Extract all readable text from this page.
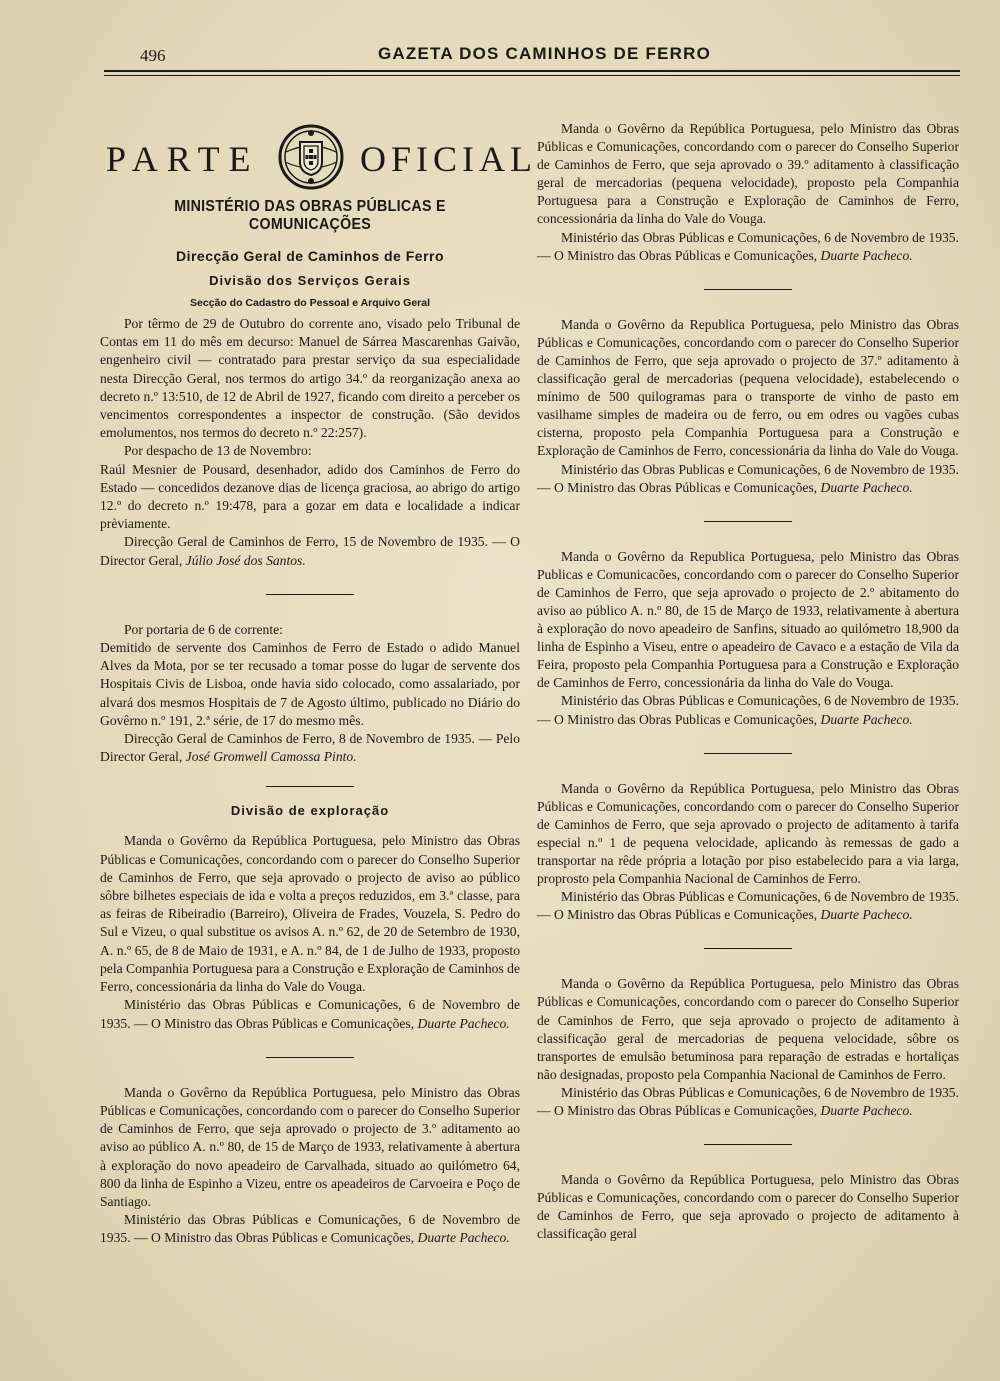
496	GAZETA DOS CAMINHOS DE FERRO
PARTE	OFICIAL
MINISTÉRIO DAS OBRAS PÚBLICAS E COMUNICAÇÕES
Direcção Geral de Caminhos de Ferro
Divisão dos Serviços Gerais
Secção do Cadastro do Pessoal e Arquivo Geral

Por têrmo de 29 de Outubro do corrente ano, visado pelo Tribunal de Contas em 11 do mês em decurso: Manuel de Sárrea Mascarenhas Gaivão, engenheiro civil — contratado para prestar serviço da sua especialidade nesta Direcção Geral, nos termos do artigo 34.º da reorganização anexa ao decreto n.º 13:510, de 12 de Abril de 1927, ficando com direito a perceber os vencimentos correspondentes a inspector de construção. (São devidos emolumentos, nos termos do decreto n.º 22:257).

Por despacho de 13 de Novembro:

Raúl Mesnier de Pousard, desenhador, adido dos Caminhos de Ferro do Estado — concedidos dezanove dias de licença graciosa, ao abrigo do artigo 12.º do decreto n.º 19:478, para a gozar em data e localidade a indicar prèviamente.

Direcção Geral de Caminhos de Ferro, 15 de Novembro de 1935. — O Director Geral, Júlio José dos Santos.

Por portaria de 6 de corrente:

Demitido de servente dos Caminhos de Ferro de Estado o adido Manuel Alves da Mota, por se ter recusado a tomar posse do lugar de servente dos Hospitais Civis de Lisboa, onde havia sido colocado, como assalariado, por alvará dos mesmos Hospitais de 7 de Agosto último, publicado no Diário do Govêrno n.º 191, 2.ª série, de 17 do mesmo mês.

Direcção Geral de Caminhos de Ferro, 8 de Novembro de 1935. — Pelo Director Geral, José Gromwell Camossa Pinto.

Divisão de exploração

Manda o Govêrno da República Portuguesa, pelo Ministro das Obras Públicas e Comunicações, concordando com o parecer do Conselho Superior de Caminhos de Ferro, que seja aprovado o projecto de aviso ao público sôbre bilhetes especiais de ida e volta a preços reduzidos, em 3.ª classe, para as feiras de Ribeiradio (Barreiro), Oliveira de Frades, Vouzela, S. Pedro do Sul e Vizeu, o qual substitue os avisos A. n.º 62, de 20 de Setembro de 1930, A. n.º 65, de 8 de Maio de 1931, e A. n.º 84, de 1 de Julho de 1933, proposto pela Companhia Portuguesa para a Construção e Exploração de Caminhos de Ferro, concessionária da linha do Vale do Vouga.

Ministério das Obras Públicas e Comunicações, 6 de Novembro de 1935. — O Ministro das Obras Públicas e Comunicações, Duarte Pacheco.

Manda o Govêrno da República Portuguesa, pelo Ministro das Obras Públicas e Comunicações, concordando com o parecer do Conselho Superior de Caminhos de Ferro, que seja aprovado o projecto de 3.º aditamento ao aviso ao público A. n.º 80, de 15 de Março de 1933, relativamente à abertura à exploração do novo apeadeiro de Carvalhada, situado ao quilómetro 64, 800 da linha de Espinho a Vizeu, entre os apeadeiros de Carvoeira e Poço de Santiago.

Ministério das Obras Públicas e Comunicações, 6 de Novembro de 1935. — O Ministro das Obras Públicas e Comunicações, Duarte Pacheco.

Manda o Govêrno da República Portuguesa, pelo Ministro das Obras Públicas e Comunicações, concordando com o parecer do Conselho Superior de Caminhos de Ferro, que seja aprovado o 39.º aditamento à classificação geral de mercadorias (pequena velocidade), proposto pela Companhia Portuguesa para a Construção e Exploração de Caminhos de Ferro, concessionária da linha do Vale do Vouga.

Ministério das Obras Públicas e Comunicações, 6 de Novembro de 1935. — O Ministro das Obras Públicas e Comunicações, Duarte Pacheco.

Manda o Govêrno da Republica Portuguesa, pelo Ministro das Obras Públicas e Comunicações, concordando com o parecer do Conselho Superior de Caminhos de Ferro, que seja aprovado o projecto de 37.º aditamento à classificação geral de mercadorias (pequena velocidade), estabelecendo o mínimo de 500 quilogramas para o transporte de vinho de pasto em vasilhame simples de madeira ou de ferro, ou em odres ou vagões cubas cisterna, proposto pela Companhia Portuguesa para a Construção e Exploração de Caminhos de Ferro, concessionária da linha do Vale do Vouga.

Ministério das Obras Publicas e Comunicações, 6 de Novembro de 1935. — O Ministro das Obras Públicas e Comunicações, Duarte Pacheco.

Manda o Govêrno da Republica Portuguesa, pelo Ministro das Obras Publicas e Comunicacões, concordando com o parecer do Conselho Superior de Caminhos de Ferro, que seja aprovado o projecto de 2.º abitamento do aviso ao público A. n.º 80, de 15 de Março de 1933, relativamente à abertura à exploração do novo apeadeiro de Sanfins, situado ao quilómetro 18,900 da linha de Espinho a Viseu, entre o apeadeiro de Cavaco e a estação de Vila da Feira, proposto pela Companhia Portuguesa para a Construção e Exploração de Caminhos de Ferro, concessionária da linha do Vale do Vouga.

Ministério das Obras Públicas e Comunicações, 6 de Novembro de 1935. — O Ministro das Obras Publicas e Comunicações, Duarte Pacheco.

Manda o Govêrno da República Portuguesa, pelo Ministro das Obras Públicas e Comunicações, concordando com o parecer do Conselho Superior de Caminhos de Ferro, que seja aprovado o projecto de aditamento à tarifa especial n.º 1 de pequena velocidade, aplicando às remessas de gado a transportar na rêde própria a lotação por piso estabelecido para a via larga, proprosto pela Companhia Nacional de Caminhos de Ferro.

Ministério das Obras Públicas e Comunicações, 6 de Novembro de 1935. — O Ministro das Obras Públicas e Comunicações, Duarte Pacheco.

Manda o Govêrno da República Portuguesa, pelo Ministro das Obras Públicas e Comunicações, concordando com o parecer do Conselho Superior de Caminhos de Ferro, que seja aprovado o projecto de aditamento à classificação geral de mercadorias de pequena velocidade, sôbre os transportes de emulsão betuminosa para reparação de estradas e hortaliças não designadas, proposto pela Companhia Nacional de Caminhos de Ferro.

Ministério das Obras Públicas e Comunicações, 6 de Novembro de 1935. — O Ministro das Obras Públicas e Comunicações, Duarte Pacheco.

Manda o Govêrno da República Portuguesa, pelo Ministro das Obras Públicas e Comunicações, concordando com o parecer do Conselho Superior de Caminhos de Ferro, que seja aprovado o projecto de aditamento à classificação geral
